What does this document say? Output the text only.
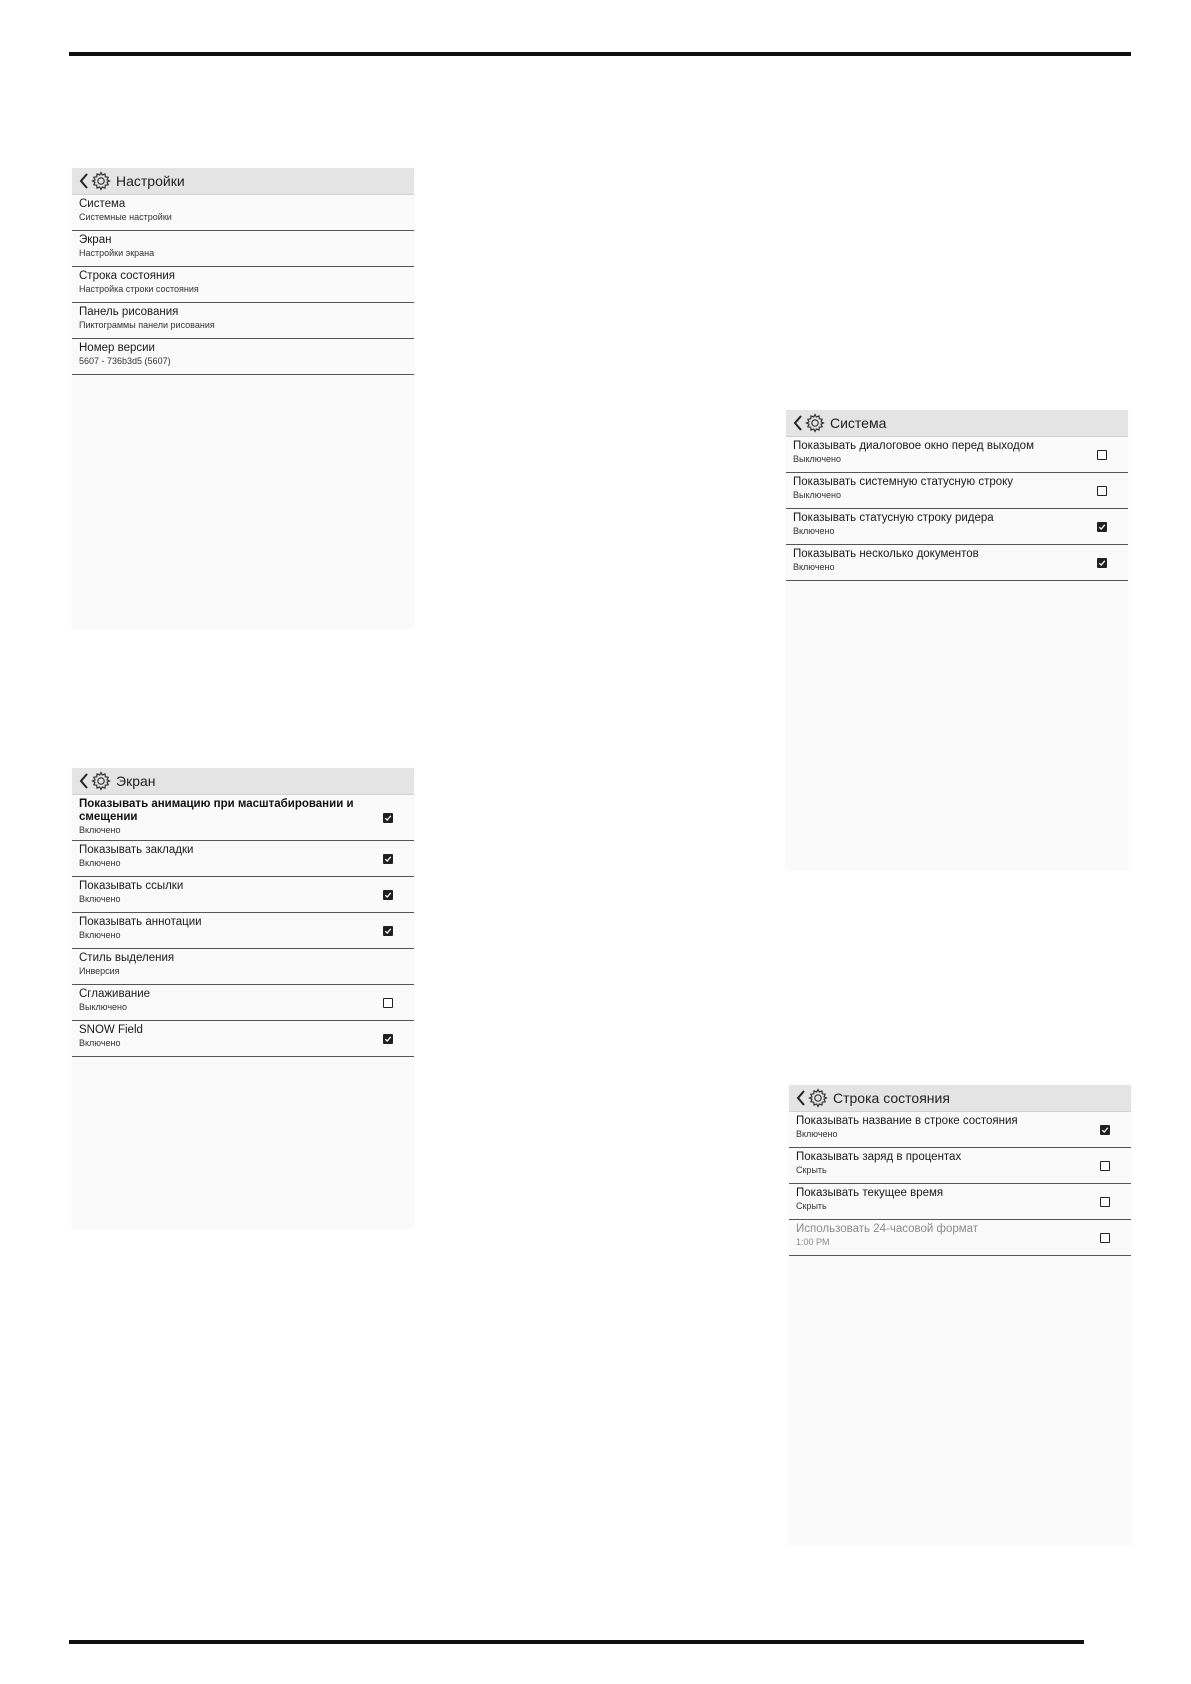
Настройки
Система
Системные настройки
Экран
Настройки экрана
Строка состояния
Настройка строки состояния
Панель рисования
Пиктограммы панели рисования
Номер версии
5607 - 736b3d5 (5607)
Система
Показывать диалоговое окно перед выходом
Выключено
Показывать системную статусную строку
Выключено
Показывать статусную строку ридера
Включено
Показывать несколько документов
Включено
Экран
Показывать анимацию при масштабировании и смещении
Включено
Показывать закладки
Включено
Показывать ссылки
Включено
Показывать аннотации
Включено
Стиль выделения
Инверсия
Сглаживание
Выключено
SNOW Field
Включено
Строка состояния
Показывать название в строке состояния
Включено
Показывать заряд в процентах
Скрыть
Показывать текущее время
Скрыть
Использовать 24-часовой формат
1:00 PM
